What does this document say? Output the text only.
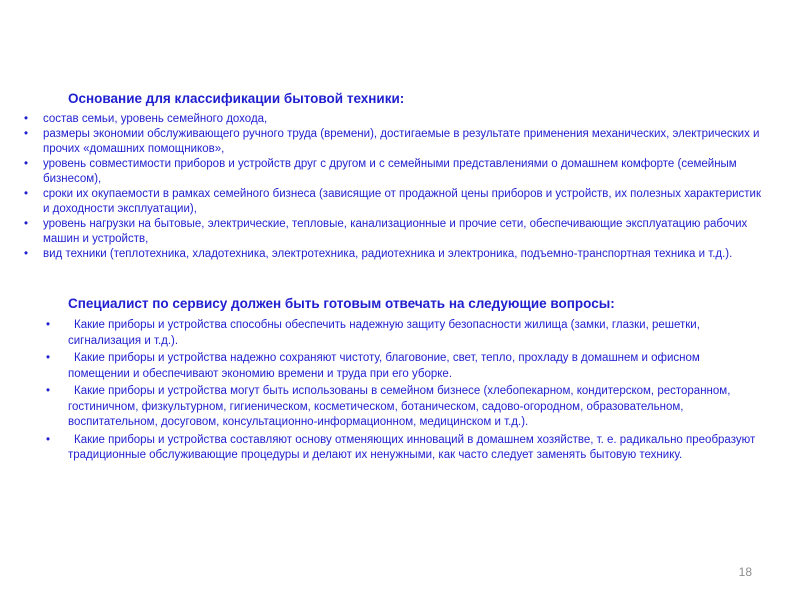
Основание для классификации бытовой техники:
• состав семьи, уровень семейного дохода,
• размеры экономии обслуживающего ручного труда (времени), достигаемые в результате применения механических, электрических и прочих «домашних помощников»,
• уровень совместимости приборов и устройств друг с другом и с семейными представлениями о домашнем комфорте (семейным бизнесом),
• сроки их окупаемости в рамках семейного бизнеса (зависящие от продажной цены приборов и устройств, их полезных характеристик и доходности эксплуатации),
• уровень нагрузки на бытовые, электрические, тепловые, канализационные и прочие сети, обеспечивающие эксплуатацию рабочих машин и устройств,
• вид техники (теплотехника, хладотехника, электротехника, радиотехника и электроника, подъемно-транспортная техника и т.д.).
Специалист по сервису должен быть готовым отвечать на следующие вопросы:
• Какие приборы и устройства способны обеспечить надежную защиту безопасности жилища (замки, глазки, решетки, сигнализация и т.д.).
• Какие приборы и устройства надежно сохраняют чистоту, благовоние, свет, тепло, прохладу в домашнем и офисном помещении и обеспечивают экономию времени и труда при его уборке.
• Какие приборы и устройства могут быть использованы в семейном бизнесе (хлебопекарном, кондитерском, ресторанном, гостиничном, физкультурном, гигиеническом, косметическом, ботаническом, садово-огородном, образовательном, воспитательном, досуговом, консультационно-информационном, медицинском и т.д.).
• Какие приборы и устройства составляют основу отменяющих инноваций в домашнем хозяйстве, т. е. радикально преобразуют традиционные обслуживающие процедуры и делают их ненужными, как часто следует заменять бытовую технику.
18
